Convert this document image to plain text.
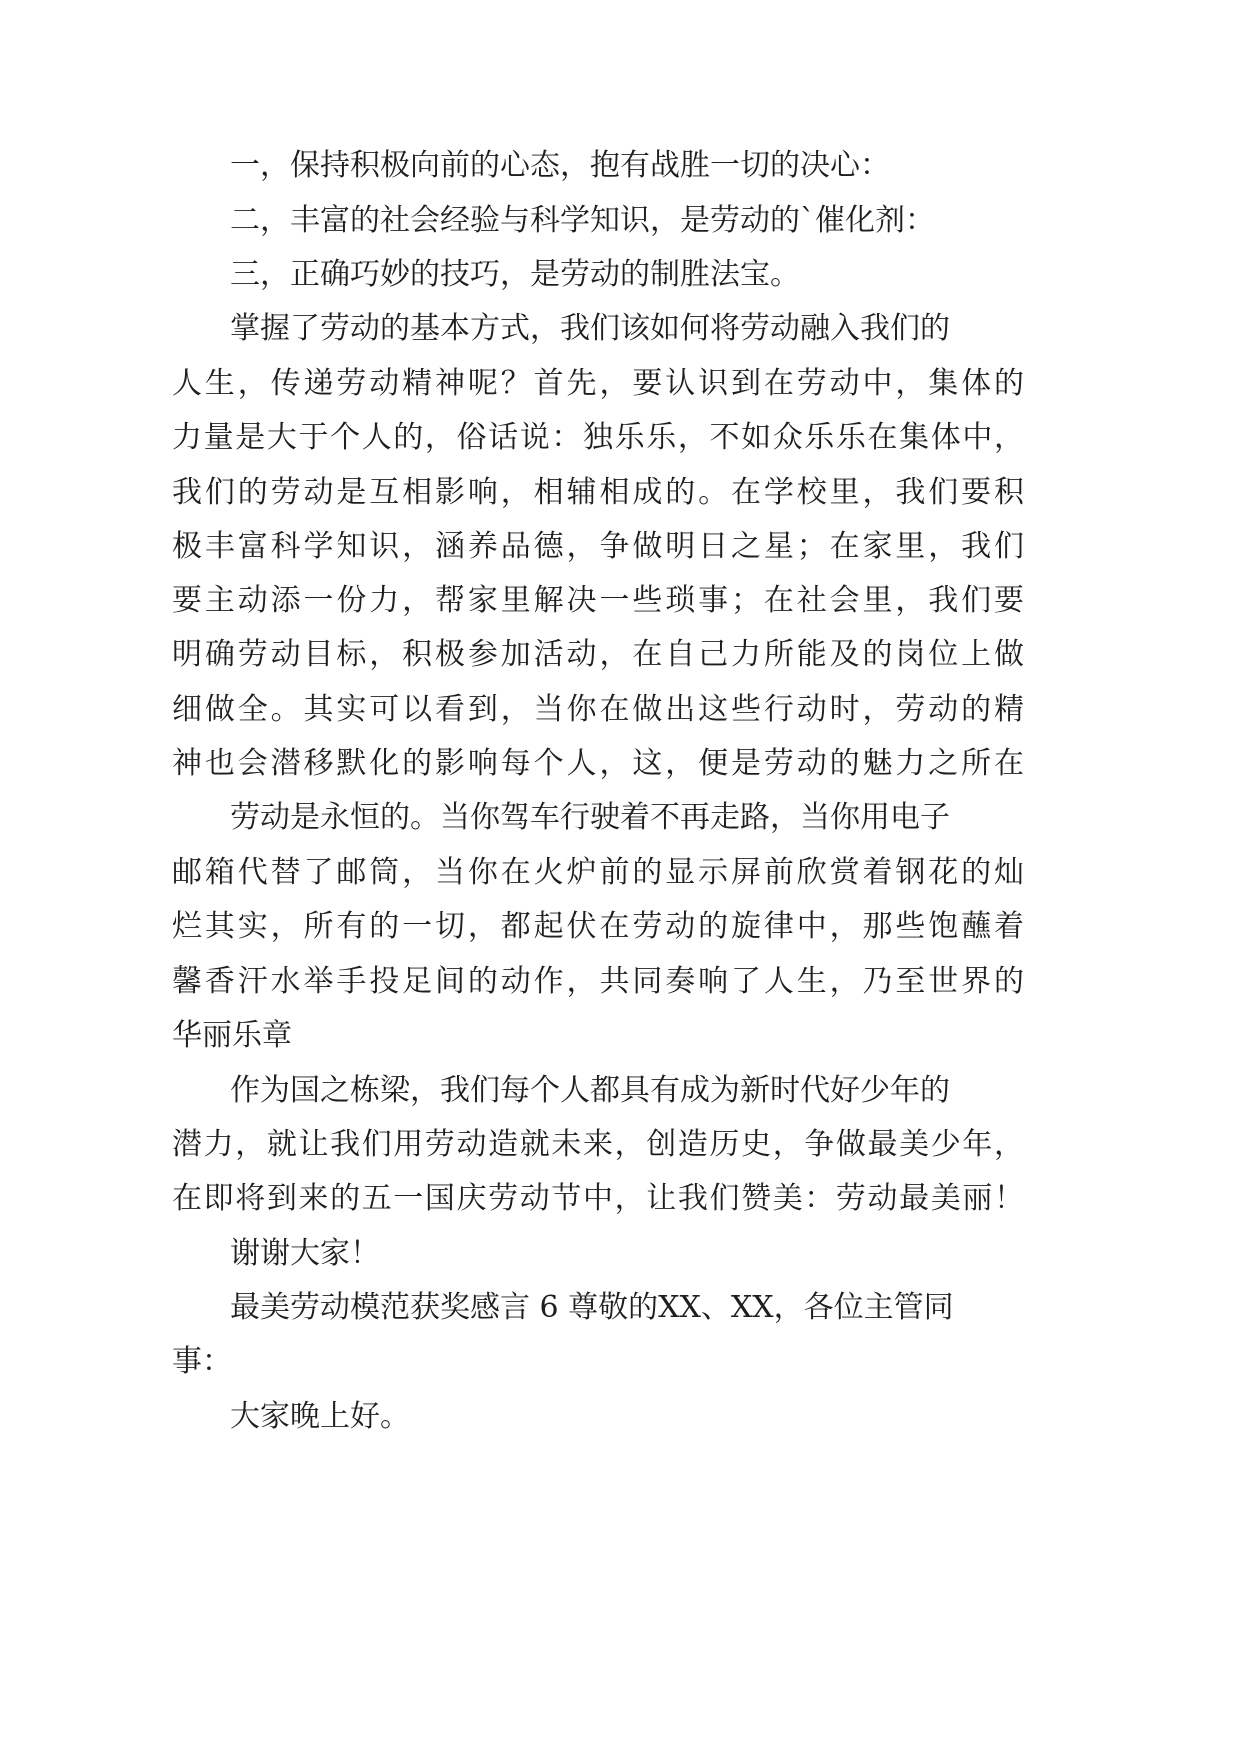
一，保持积极向前的心态，抱有战胜一切的决心：
二，丰富的社会经验与科学知识，是劳动的`催化剂：
三，正确巧妙的技巧，是劳动的制胜法宝。
掌握了劳动的基本方式，我们该如何将劳动融入我们的
人生，传递劳动精神呢？首先，要认识到在劳动中，集体的
力量是大于个人的，俗话说：独乐乐，不如众乐乐在集体中，
我们的劳动是互相影响，相辅相成的。在学校里，我们要积
极丰富科学知识，涵养品德，争做明日之星；在家里，我们
要主动添一份力，帮家里解决一些琐事；在社会里，我们要
明确劳动目标，积极参加活动，在自己力所能及的岗位上做
细做全。其实可以看到，当你在做出这些行动时，劳动的精
神也会潜移默化的影响每个人，这，便是劳动的魅力之所在
劳动是永恒的。当你驾车行驶着不再走路，当你用电子
邮箱代替了邮筒，当你在火炉前的显示屏前欣赏着钢花的灿
烂其实，所有的一切，都起伏在劳动的旋律中，那些饱蘸着
馨香汗水举手投足间的动作，共同奏响了人生，乃至世界的
华丽乐章
作为国之栋梁，我们每个人都具有成为新时代好少年的
潜力，就让我们用劳动造就未来，创造历史，争做最美少年，
在即将到来的五一国庆劳动节中，让我们赞美：劳动最美丽！
谢谢大家！
最美劳动模范获奖感言 6 尊敬的XX、XX，各位主管同
事：
大家晚上好。
